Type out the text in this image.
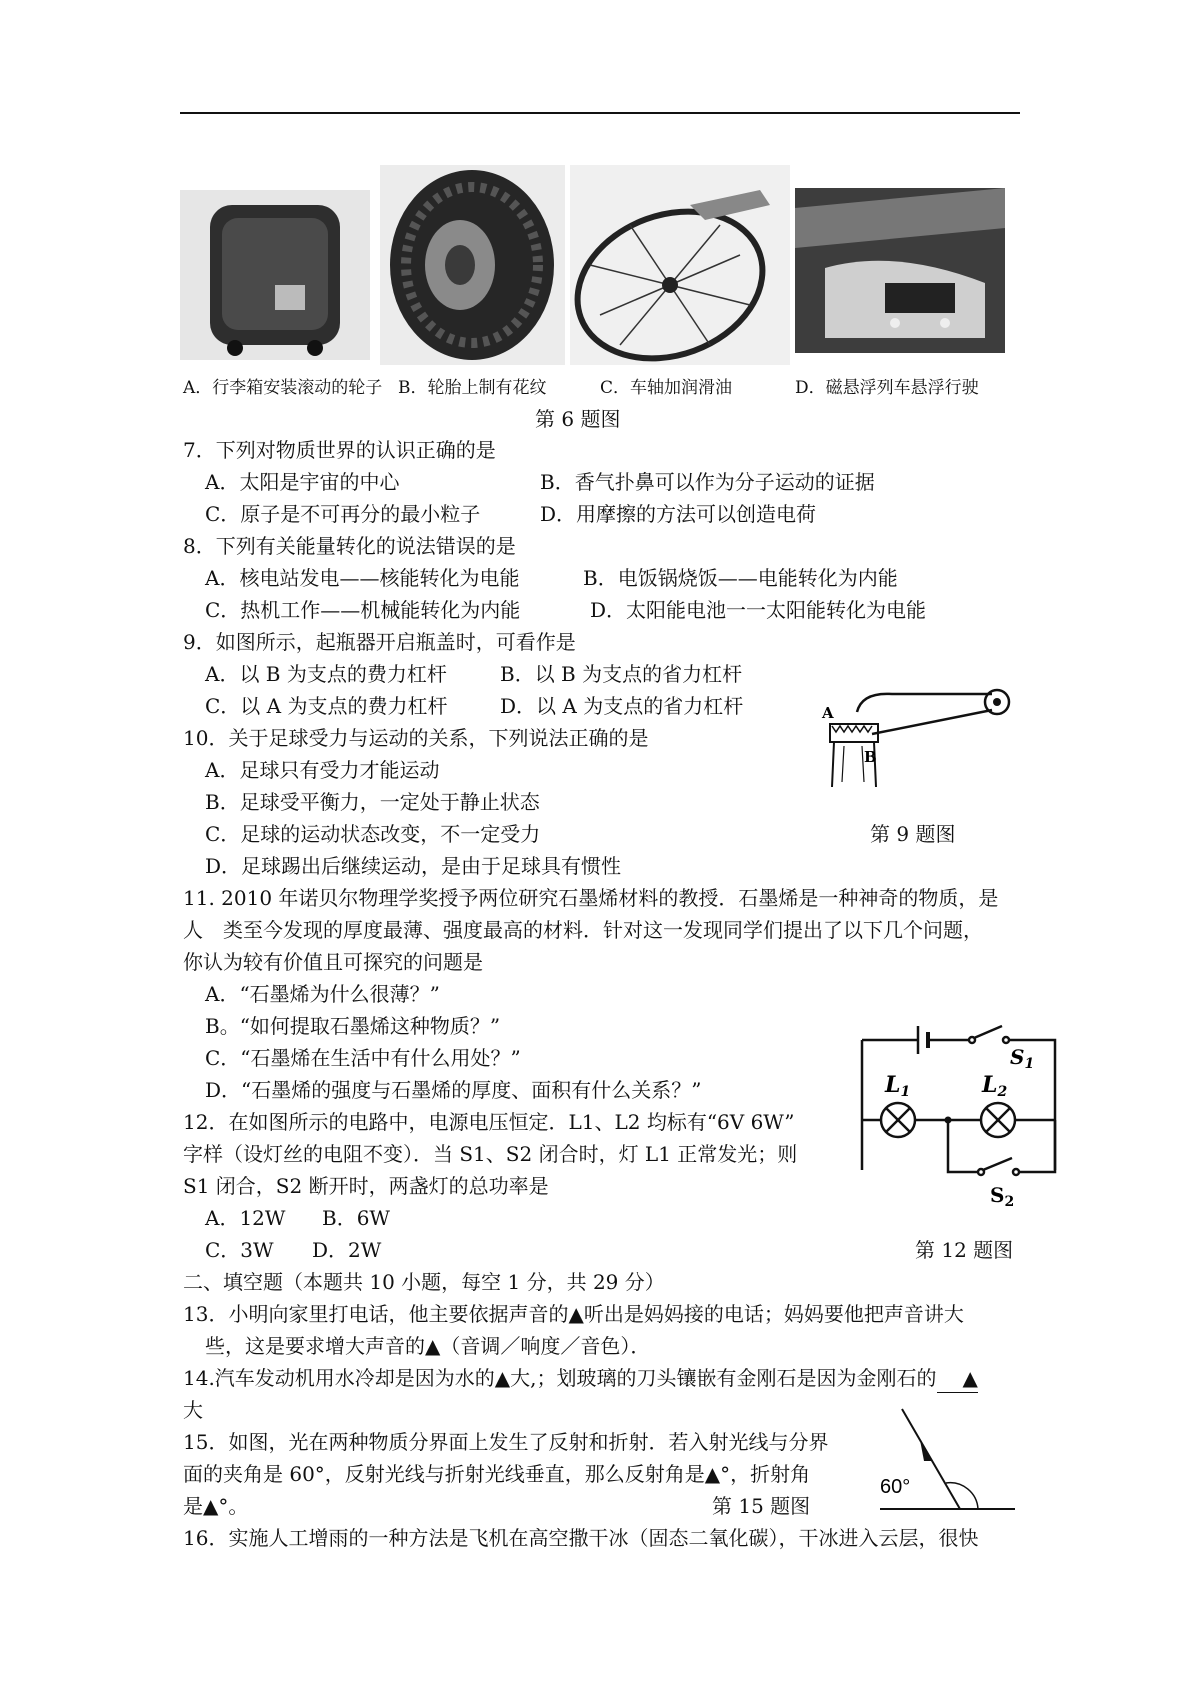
A．行李箱安装滚动的轮子 B．轮胎上制有花纹	C．车轴加润滑油	D．磁悬浮列车悬浮行驶
第 6 题图
7．下列对物质世界的认识正确的是
A．太阳是宇宙的中心	B．香气扑鼻可以作为分子运动的证据
C．原子是不可再分的最小粒子	D．用摩擦的方法可以创造电荷
8．下列有关能量转化的说法错误的是
A．核电站发电——核能转化为电能	B．电饭锅烧饭——电能转化为内能
C．热机工作——机械能转化为内能	D．太阳能电池一一太阳能转化为电能
9．如图所示，起瓶器开启瓶盖时，可看作是
A．以 B 为支点的费力杠杆	B．以 B 为支点的省力杠杆
C．以 A 为支点的费力杠杆	D．以 A 为支点的省力杠杆	A
B
10．关于足球受力与运动的关系，下列说法正确的是
A．足球只有受力才能运动
B．足球受平衡力，一定处于静止状态
C．足球的运动状态改变，不一定受力	第 9 题图
D．足球踢出后继续运动，是由于足球具有惯性
11. 2010 年诺贝尔物理学奖授予两位研究石墨烯材料的教授．石墨烯是一种神奇的物质，是
人　类至今发现的厚度最薄、强度最高的材料．针对这一发现同学们提出了以下几个问题，
你认为较有价值且可探究的问题是
A．“石墨烯为什么很薄？”
B。“如何提取石墨烯这种物质？”
C．“石墨烯在生活中有什么用处？”
D．“石墨烯的强度与石墨烯的厚度、面积有什么关系？”
$S_1$
L1	L2
$S_2$
12．在如图所示的电路中，电源电压恒定．L1、L2 均标有“6V 6W”
字样（设灯丝的电阻不变）．当 S1、S2 闭合时，灯 L1 正常发光；则
S1 闭合，S2 断开时，两盏灯的总功率是
A．12W B．6W
C．3W D．2W	第 12 题图
二、填空题（本题共 10 小题，每空 1 分，共 29 分）
13．小明向家里打电话，他主要依据声音的▲听出是妈妈接的电话；妈妈要他把声音讲大
些，这是要求增大声音的▲（音调／响度／音色）．
14.汽车发动机用水冷却是因为水的▲大,；划玻璃的刀头镶嵌有金刚石是因为金刚石的 ▲
大
60°
15．如图，光在两种物质分界面上发生了反射和折射．若入射光线与分界
面的夹角是 60°，反射光线与折射光线垂直，那么反射角是▲°，折射角
是▲°。	第 15 题图
16．实施人工增雨的一种方法是飞机在高空撒干冰（固态二氧化碳），干冰进入云层，很快
